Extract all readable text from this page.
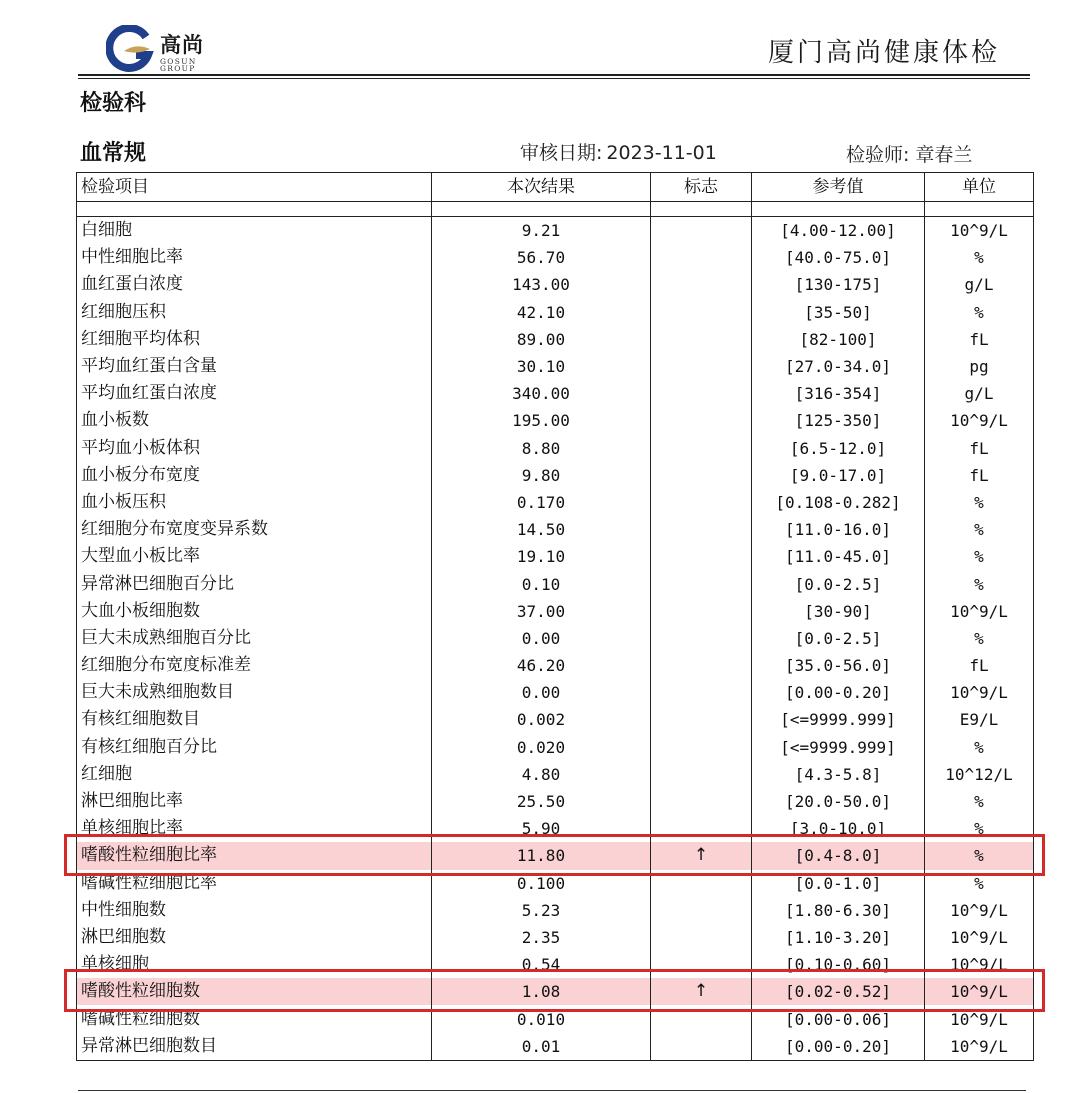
高尚
GOSUN
GROUP
厦门高尚健康体检
检验科
血常规	审核日期: 2023-11-01	检验师: 章春兰
检验项目	本次结果	标志	参考值	单位

白细胞	9.21		[4.00-12.00]	10^9/L
中性细胞比率	56.70		[40.0-75.0]	%
血红蛋白浓度	143.00		[130-175]	g/L
红细胞压积	42.10		[35-50]	%
红细胞平均体积	89.00		[82-100]	fL
平均血红蛋白含量	30.10		[27.0-34.0]	pg
平均血红蛋白浓度	340.00		[316-354]	g/L
血小板数	195.00		[125-350]	10^9/L
平均血小板体积	8.80		[6.5-12.0]	fL
血小板分布宽度	9.80		[9.0-17.0]	fL
血小板压积	0.170		[0.108-0.282]	%
红细胞分布宽度变异系数	14.50		[11.0-16.0]	%
大型血小板比率	19.10		[11.0-45.0]	%
异常淋巴细胞百分比	0.10		[0.0-2.5]	%
大血小板细胞数	37.00		[30-90]	10^9/L
巨大未成熟细胞百分比	0.00		[0.0-2.5]	%
红细胞分布宽度标准差	46.20		[35.0-56.0]	fL
巨大未成熟细胞数目	0.00		[0.00-0.20]	10^9/L
有核红细胞数目	0.002		[<=9999.999]	E9/L
有核红细胞百分比	0.020		[<=9999.999]	%
红细胞	4.80		[4.3-5.8]	10^12/L
淋巴细胞比率	25.50		[20.0-50.0]	%
单核细胞比率	5.90		[3.0-10.0]	%
嗜酸性粒细胞比率	11.80	↑	[0.4-8.0]	%
嗜碱性粒细胞比率	0.100		[0.0-1.0]	%
中性细胞数	5.23		[1.80-6.30]	10^9/L
淋巴细胞数	2.35		[1.10-3.20]	10^9/L
单核细胞	0.54		[0.10-0.60]	10^9/L
嗜酸性粒细胞数	1.08	↑	[0.02-0.52]	10^9/L
嗜碱性粒细胞数	0.010		[0.00-0.06]	10^9/L
异常淋巴细胞数目	0.01		[0.00-0.20]	10^9/L
